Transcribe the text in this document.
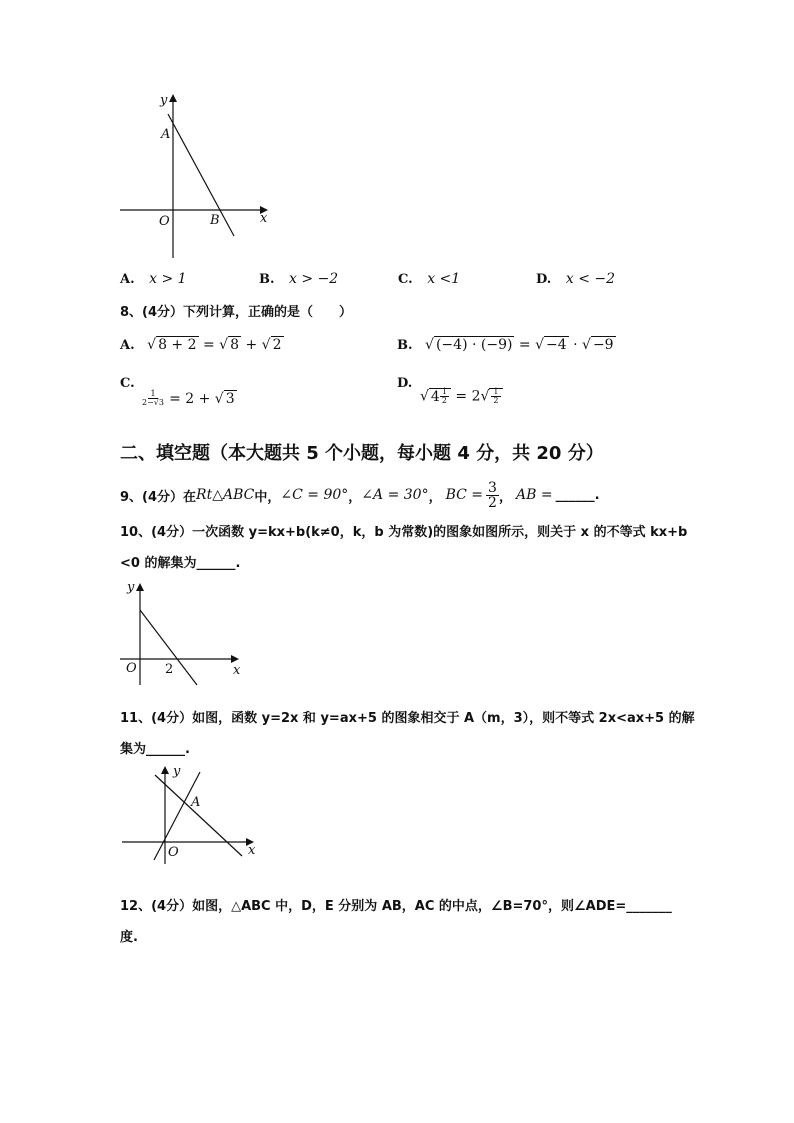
y
A
O	B	x
A. x > 1	B. x > −2	C. x <1	D. x < −2
8、(4分）下列计算，正确的是（　　）
A. √ 8 + 2 = √ 8 + √ 2	B. √ (−4) · (−9) = √ −4 · √ −9
C.
$\frac{1}{2-√3} = 2$ + √ 3
D.
√ $4 \frac{1}{2} = 2√ \frac{1}{2}$
二、填空题（本大题共 5 个小题，每小题 4 分，共 20 分）
9、(4分）在 Rt△ABC 中， ∠C = 90° ， ∠A = 30° ， BC = $\frac{3}{2}$ ， AB = ______.
10、(4分）一次函数 y=kx+b(k≠0，k，b 为常数)的图象如图所示，则关于 x 的不等式 kx+b
<0 的解集为______.
y
O 2	x
11、(4分）如图，函数 y=2x 和 y=ax+5 的图象相交于 A（m，3），则不等式 2x<ax+5 的解
集为______.
y
A
O	x
12、(4分）如图，△ABC 中，D，E 分别为 AB，AC 的中点，∠B=70°，则∠ADE=_______
度.
